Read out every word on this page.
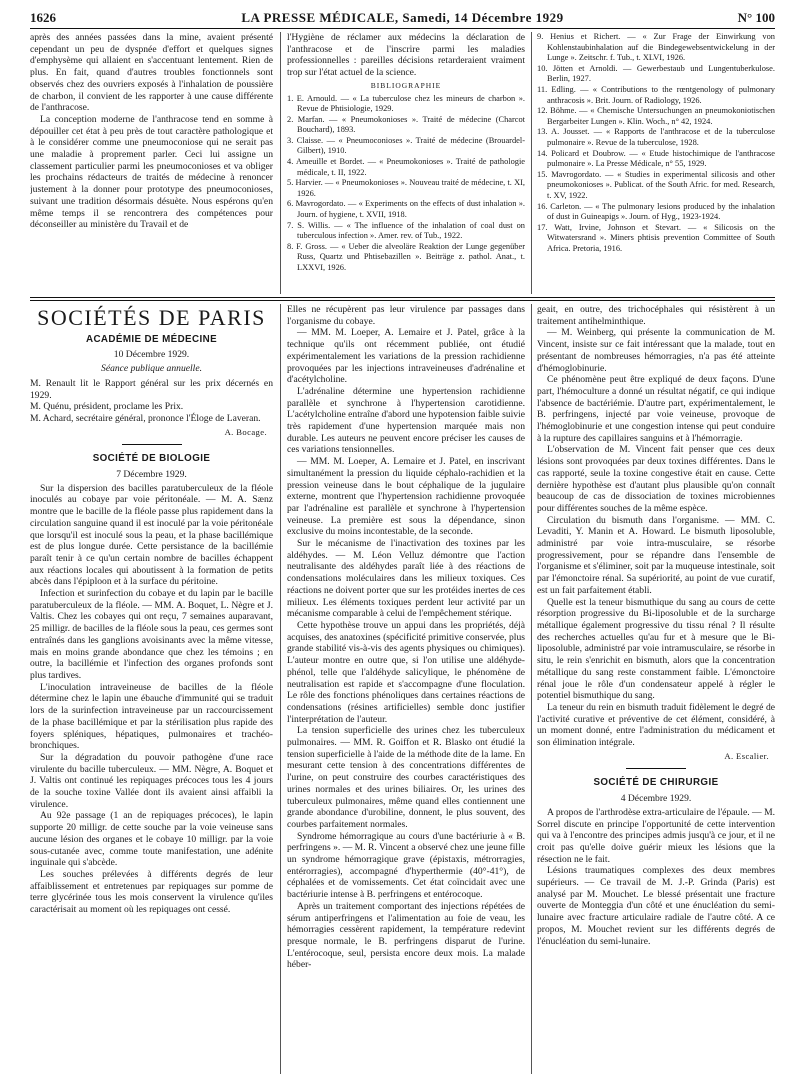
1626	LA PRESSE MÉDICALE, Samedi, 14 Décembre 1929	N° 100

après des années passées dans la mine, avaient présenté cependant un peu de dyspnée d'effort et quelques signes d'emphysème qui allaient en s'accentuant lentement. Rien de plus. En fait, quand d'autres troubles fonctionnels sont observés chez des ouvriers exposés à l'inhalation de poussière de charbon, il convient de les rapporter à une cause différente de l'anthracose.

La conception moderne de l'anthracose tend en somme à dépouiller cet état à peu près de tout caractère pathologique et à le considérer comme une pneumoconiose qui ne serait pas une maladie à proprement parler. Ceci lui assigne un classement particulier parmi les pneumoconioses et va obliger les prochains rédacteurs de traités de médecine à renoncer justement à la donner pour prototype des pneumoconioses, suivant une tradition désormais désuète. Nous espérons qu'en même temps il se rencontrera des compétences pour déconseiller au ministère du Travail et de

l'Hygiène de réclamer aux médecins la déclaration de l'anthracose et de l'inscrire parmi les maladies professionnelles : pareilles décisions retarderaient vraiment trop sur l'état actuel de la science.

BIBLIOGRAPHIE

1. E. Arnould. — « La tuberculose chez les mineurs de charbon ». Revue de Phtisiologie, 1929.

2. Marfan. — « Pneumokonioses ». Traité de médecine (Charcot Bouchard), 1893.

3. Claisse. — « Pneumoconioses ». Traité de médecine (Brouardel-Gilbert), 1910.

4. Ameuille et Bordet. — « Pneumokonioses ». Traité de pathologie médicale, t. II, 1922.

5. Harvier. — « Pneumokonioses ». Nouveau traité de médecine, t. XI, 1926.

6. Mavrogordato. — « Experiments on the effects of dust inhalation ». Journ. of hygiene, t. XVII, 1918.

7. S. Willis. — « The influence of the inhalation of coal dust on tuberculous infection ». Amer. rev. of Tub., 1922.

8. F. Gross. — « Ueber die alveoläre Reaktion der Lunge gegenüber Russ, Quartz und Phtisebazillen ». Beiträge z. pathol. Anat., t. LXXVI, 1926.

9. Henius et Richert. — « Zur Frage der Einwirkung von Kohlenstaubinhalation auf die Bindegewebsentwickelung in der Lunge ». Zeitschr. f. Tub., t. XLVI, 1926.

10. Jötten et Arnoldi. — Gewerbestaub und Lungentuberkulose. Berlin, 1927.

11. Edling. — « Contributions to the rœntgenology of pulmonary anthracosis ». Brit. Journ. of Radiology, 1926.

12. Böhme. — « Chemische Untersuchungen an pneumokoniotischen Bergarbeiter Lungen ». Klin. Woch., n° 42, 1924.

13. A. Jousset. — « Rapports de l'anthracose et de la tuberculose pulmonaire ». Revue de la tuberculose, 1928.

14. Policard et Doubrow. — « Etude histochimique de l'anthracose pulmonaire ». La Presse Médicale, n° 55, 1929.

15. Mavrogordato. — « Studies in experimental silicosis and other pneumokonioses ». Publicat. of the South Afric. for med. Research, t. XV, 1922.

16. Carleton. — « The pulmonary lesions produced by the inhalation of dust in Guineapigs ». Journ. of Hyg., 1923-1924.

17. Watt, Irvine, Johnson et Stevart. — « Silicosis on the Witwatersrand ». Miners phtisis prevention Committee of South Africa. Pretoria, 1916.

SOCIÉTÉS DE PARIS
ACADÉMIE DE MÉDECINE
10 Décembre 1929.
Séance publique annuelle.

M. Renault lit le Rapport général sur les prix décernés en 1929.

M. Quénu, président, proclame les Prix.

M. Achard, secrétaire général, prononce l'Éloge de Laveran.

A. Bocage.
SOCIÉTÉ DE BIOLOGIE
7 Décembre 1929.

Sur la dispersion des bacilles paratuberculeux de la fléole inoculés au cobaye par voie péritonéale. — M. A. Sænz montre que le bacille de la fléole passe plus rapidement dans la circulation sanguine quand il est inoculé par la voie péritonéale que lorsqu'il est inoculé sous la peau, et la phase bacillémique est de plus longue durée. Cette persistance de la bacillémie paraît tenir à ce qu'un certain nombre de bacilles échappent aux réactions locales qui aboutissent à la formation de petits abcès dans l'épiploon et à la surface du péritoine.

Infection et surinfection du cobaye et du lapin par le bacille paratuberculeux de la fléole. — MM. A. Boquet, L. Nègre et J. Valtis. Chez les cobayes qui ont reçu, 7 semaines auparavant, 25 milligr. de bacilles de la fléole sous la peau, ces germes sont entraînés dans les ganglions avoisinants avec la même vitesse, mais en moins grande abondance que chez les témoins ; en outre, la bacillémie et l'infection des organes profonds sont plus tardives.

L'inoculation intraveineuse de bacilles de la fléole détermine chez le lapin une ébauche d'immunité qui se traduit lors de la surinfection intraveineuse par un raccourcissement de la phase bacillémique et par la stérilisation plus rapide des foyers spléniques, hépatiques, pulmonaires et trachéo-bronchiques.

Sur la dégradation du pouvoir pathogène d'une race virulente du bacille tuberculeux. — MM. Nègre, A. Boquet et J. Valtis ont continué les repiquages précoces tous les 4 jours de la souche toxine Vallée dont ils avaient ainsi affaibli la virulence.

Au 92e passage (1 an de repiquages précoces), le lapin supporte 20 milligr. de cette souche par la voie veineuse sans aucune lésion des organes et le cobaye 10 milligr. par la voie sous-cutanée avec, comme toute manifestation, une adénite inguinale qui s'abcède.

Les souches prélevées à différents degrés de leur affaiblissement et entretenues par repiquages sur pomme de terre glycérinée tous les mois conservent la virulence qu'iles caractérisait au moment où les repiquages ont cessé.

Elles ne récupèrent pas leur virulence par passages dans l'organisme du cobaye.

— MM. M. Loeper, A. Lemaire et J. Patel, grâce à la technique qu'ils ont récemment publiée, ont étudié expérimentalement les variations de la pression rachidienne provoquées par les injections intraveineuses d'adrénaline et d'acétylcholine.

L'adrénaline détermine une hypertension rachidienne parallèle et synchrone à l'hypertension carotidienne. L'acétylcholine entraîne d'abord une hypotension faible suivie très rapidement d'une hypertension marquée mais non durable. Les auteurs ne peuvent encore préciser les causes de ces variations tensionnelles.

— MM. M. Loeper, A. Lemaire et J. Patel, en inscrivant simultanément la pression du liquide céphalo-rachidien et la pression veineuse dans le bout céphalique de la jugulaire externe, montrent que l'hypertension rachidienne provoquée par l'adrénaline est parallèle et synchrone à l'hypertension veineuse. La première est sous la dépendance, sinon exclusive du moins incontestable, de la seconde.

Sur le mécanisme de l'inactivation des toxines par les aldéhydes. — M. Léon Velluz démontre que l'action neutralisante des aldéhydes paraît liée à des réactions de condensations moléculaires dans les milieux toxiques. Ces réactions ne doivent porter que sur les protéides inertes de ces milieux. Les éléments toxiques perdent leur activité par un mécanisme comparable à celui de l'empêchement stérique.

Cette hypothèse trouve un appui dans les propriétés, déjà acquises, des anatoxines (spécificité primitive conservée, plus grande stabilité vis-à-vis des agents physiques ou chimiques). L'auteur montre en outre que, si l'on utilise une aldéhyde-phénol, telle que l'aldéhyde salicylique, le phénomène de neutralisation est rapide et s'accompagne d'une floculation. Le rôle des fonctions phénoliques dans certaines réactions de condensations (résines artificielles) semble donc justifier l'interprétation de l'auteur.

La tension superficielle des urines chez les tuberculeux pulmonaires. — MM. R. Goiffon et R. Blasko ont étudié la tension superficielle à l'aide de la méthode dite de la lame. En mesurant cette tension à des concentrations différentes de l'urine, on peut construire des courbes caractéristiques des urines normales et des urines biliaires. Or, les urines des tuberculeux pulmonaires, même quand elles contiennent une grande abondance d'urobiline, donnent, le plus souvent, des courbes parfaitement normales.

Syndrome hémorragique au cours d'une bactériurie à « B. perfringens ». — M. R. Vincent a observé chez une jeune fille un syndrome hémorragique grave (épistaxis, métrorragies, entérorragies), accompagné d'hyperthermie (40°-41°), de céphalées et de vomissements. Cet état coïncidait avec une bactériurie intense à B. perfringens et entérocoque.

Après un traitement comportant des injections répétées de sérum antiperfringens et l'alimentation au foie de veau, les hémorragies cessèrent rapidement, la température redevint presque normale, le B. perfringens disparut de l'urine. L'entérocoque, seul, persista encore deux mois. La malade héber-

geait, en outre, des trichocéphales qui résistèrent à un traitement antihelminthique.

— M. Weinberg, qui présente la communication de M. Vincent, insiste sur ce fait intéressant que la malade, tout en présentant de nombreuses hémorragies, n'a pas été atteinte d'hémoglobinurie.

Ce phénomène peut être expliqué de deux façons. D'une part, l'hémoculture a donné un résultat négatif, ce qui indique l'absence de bactériémie. D'autre part, expérimentalement, le B. perfringens, injecté par voie veineuse, provoque de l'hémoglobinurie et une congestion intense qui peut conduire à la rupture des capillaires sanguins et à l'hémorragie.

L'observation de M. Vincent fait penser que ces deux lésions sont provoquées par deux toxines différentes. Dans le cas rapporté, seule la toxine congestive était en cause. Cette dernière hypothèse est d'autant plus plausible qu'on connaît beaucoup de cas de dissociation de toxines microbiennes pour différentes souches de la même espèce.

Circulation du bismuth dans l'organisme. — MM. C. Levaditi, Y. Manin et A. Howard. Le bismuth liposoluble, administré par voie intra-musculaire, se résorbe progressivement, pour se répandre dans l'ensemble de l'organisme et s'éliminer, soit par la muqueuse intestinale, soit par l'émonctoire rénal. Sa supériorité, au point de vue curatif, est un fait parfaitement établi.

Quelle est la teneur bismuthique du sang au cours de cette résorption progressive du Bi-liposoluble et de la surcharge métallique également progressive du tissu rénal ? Il résulte des recherches actuelles qu'au fur et à mesure que le Bi-liposoluble, administré par voie intramusculaire, se résorbe in situ, le rein s'enrichit en bismuth, alors que la concentration métallique du sang reste constamment faible. L'émonctoire rénal joue le rôle d'un condensateur appelé à régler le potentiel bismuthique du sang.

La teneur du rein en bismuth traduit fidèlement le degré de l'activité curative et préventive de cet élément, considéré, à un moment donné, entre l'administration du médicament et son élimination intégrale.

A. Escalier.
SOCIÉTÉ DE CHIRURGIE
4 Décembre 1929.

A propos de l'arthrodèse extra-articulaire de l'épaule. — M. Sorrel discute en principe l'opportunité de cette intervention qui va à l'encontre des principes admis jusqu'à ce jour, et il ne croit pas qu'elle doive guérir mieux les lésions que la résection ne le fait.

Lésions traumatiques complexes des deux membres supérieurs. — Ce travail de M. J.-P. Grinda (Paris) est analysé par M. Mouchet. Le blessé présentait une fracture ouverte de Monteggia d'un côté et une énucléation du semi-lunaire avec fracture articulaire radiale de l'autre côté. A ce propos, M. Mouchet revient sur les différents degrés de l'énucléation du semi-lunaire.
